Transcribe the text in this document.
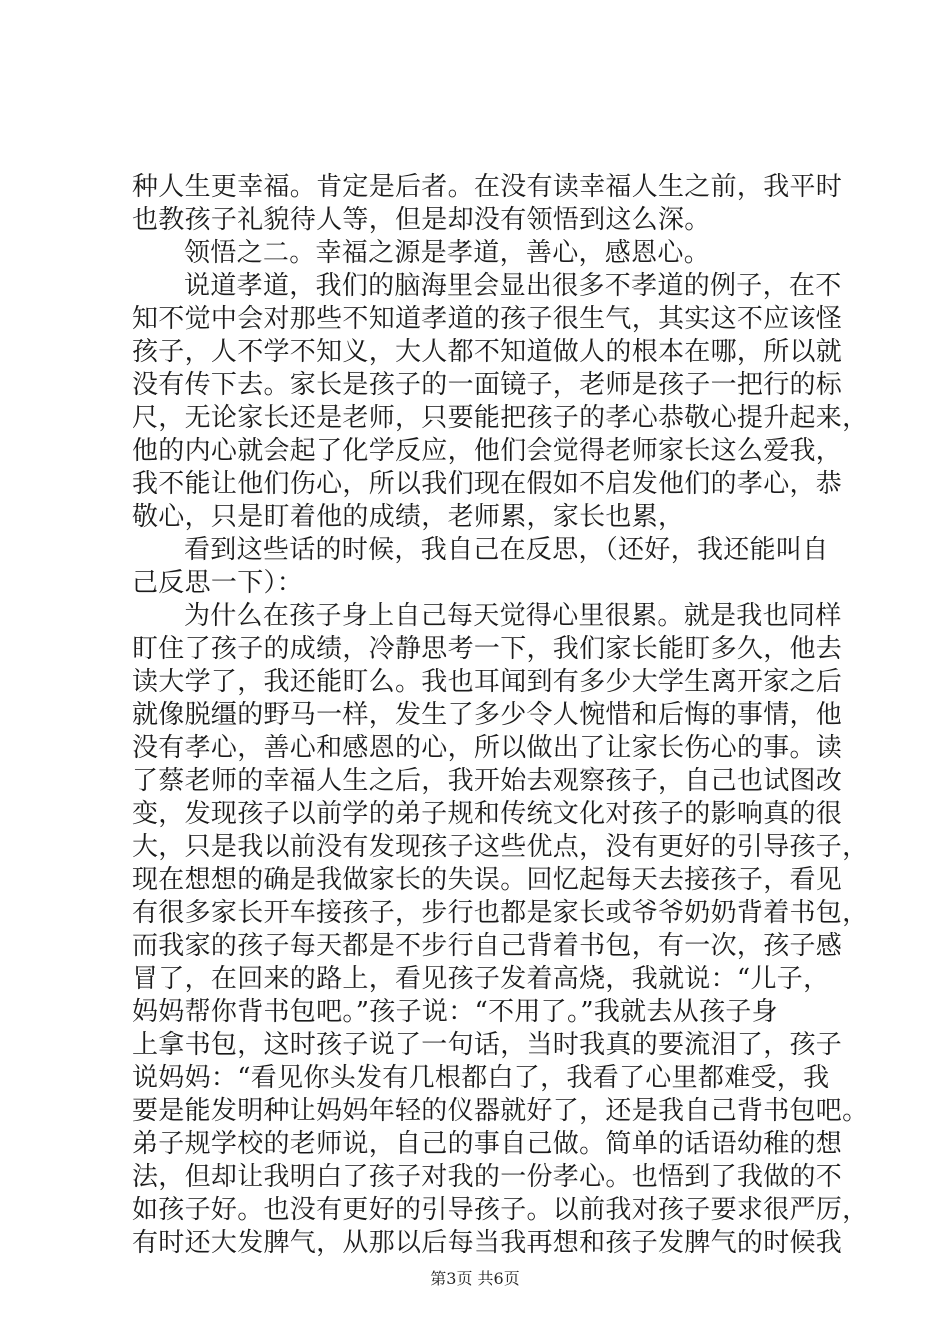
种人生更幸福。肯定是后者。在没有读幸福人生之前，我平时
也教孩子礼貌待人等，但是却没有领悟到这么深。
领悟之二。幸福之源是孝道，善心，感恩心。
说道孝道，我们的脑海里会显出很多不孝道的例子，在不
知不觉中会对那些不知道孝道的孩子很生气，其实这不应该怪
孩子，人不学不知义，大人都不知道做人的根本在哪，所以就
没有传下去。家长是孩子的一面镜子，老师是孩子一把行的标
尺，无论家长还是老师，只要能把孩子的孝心恭敬心提升起来，
他的内心就会起了化学反应，他们会觉得老师家长这么爱我，
我不能让他们伤心，所以我们现在假如不启发他们的孝心，恭
敬心，只是盯着他的成绩，老师累，家长也累，
看到这些话的时候，我自己在反思，（还好，我还能叫自
己反思一下）：
为什么在孩子身上自己每天觉得心里很累。就是我也同样
盯住了孩子的成绩，冷静思考一下，我们家长能盯多久，他去
读大学了，我还能盯么。我也耳闻到有多少大学生离开家之后
就像脱缰的野马一样，发生了多少令人惋惜和后悔的事情，他
没有孝心，善心和感恩的心，所以做出了让家长伤心的事。读
了蔡老师的幸福人生之后，我开始去观察孩子，自己也试图改
变，发现孩子以前学的弟子规和传统文化对孩子的影响真的很
大，只是我以前没有发现孩子这些优点，没有更好的引导孩子，
现在想想的确是我做家长的失误。回忆起每天去接孩子，看见
有很多家长开车接孩子，步行也都是家长或爷爷奶奶背着书包，
而我家的孩子每天都是不步行自己背着书包，有一次，孩子感
冒了，在回来的路上，看见孩子发着高烧，我就说：“儿子，
妈妈帮你背书包吧。”孩子说：“不用了。”我就去从孩子身
上拿书包，这时孩子说了一句话，当时我真的要流泪了，孩子
说妈妈：“看见你头发有几根都白了，我看了心里都难受，我
要是能发明种让妈妈年轻的仪器就好了，还是我自己背书包吧。
弟子规学校的老师说，自己的事自己做。简单的话语幼稚的想
法，但却让我明白了孩子对我的一份孝心。也悟到了我做的不
如孩子好。也没有更好的引导孩子。以前我对孩子要求很严厉，
有时还大发脾气，从那以后每当我再想和孩子发脾气的时候我
第3页 共6页
